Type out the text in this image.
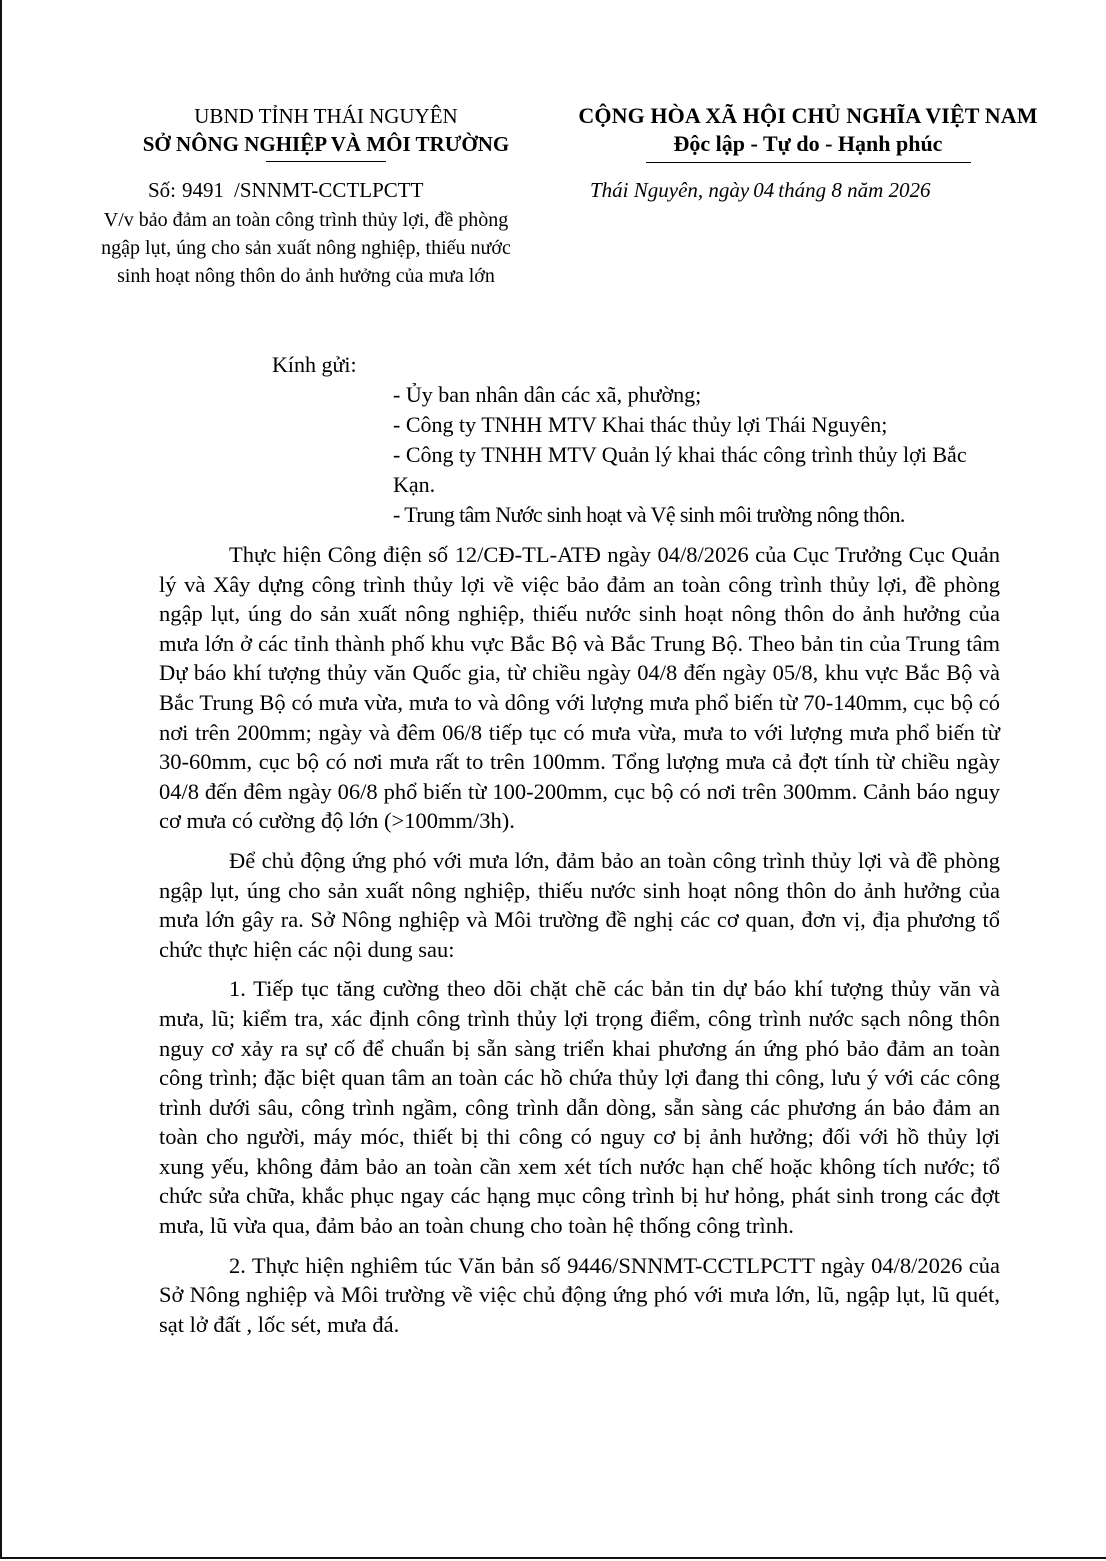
UBND TỈNH THÁI NGUYÊN
SỞ NÔNG NGHIỆP VÀ MÔI TRƯỜNG
CỘNG HÒA XÃ HỘI CHỦ NGHĨA VIỆT NAM
Độc lập - Tự do - Hạnh phúc
Số: 9491 /SNNMT-CCTLPCTT
V/v bảo đảm an toàn công trình thủy lợi, đề phòng ngập lụt, úng cho sản xuất nông nghiệp, thiếu nước sinh hoạt nông thôn do ảnh hưởng của mưa lớn
Thái Nguyên, ngày 04 tháng 8 năm 2026
Kính gửi:
- Ủy ban nhân dân các xã, phường;
- Công ty TNHH MTV Khai thác thủy lợi Thái Nguyên;
- Công ty TNHH MTV Quản lý khai thác công trình thủy lợi Bắc Kạn.
- Trung tâm Nước sinh hoạt và Vệ sinh môi trường nông thôn.

Thực hiện Công điện số 12/CĐ-TL-ATĐ ngày 04/8/2026 của Cục Trưởng Cục Quản lý và Xây dựng công trình thủy lợi về việc bảo đảm an toàn công trình thủy lợi, đề phòng ngập lụt, úng do sản xuất nông nghiệp, thiếu nước sinh hoạt nông thôn do ảnh hưởng của mưa lớn ở các tỉnh thành phố khu vực Bắc Bộ và Bắc Trung Bộ. Theo bản tin của Trung tâm Dự báo khí tượng thủy văn Quốc gia, từ chiều ngày 04/8 đến ngày 05/8, khu vực Bắc Bộ và Bắc Trung Bộ có mưa vừa, mưa to và dông với lượng mưa phổ biến từ 70-140mm, cục bộ có nơi trên 200mm; ngày và đêm 06/8 tiếp tục có mưa vừa, mưa to với lượng mưa phổ biến từ 30-60mm, cục bộ có nơi mưa rất to trên 100mm. Tổng lượng mưa cả đợt tính từ chiều ngày 04/8 đến đêm ngày 06/8 phổ biến từ 100-200mm, cục bộ có nơi trên 300mm. Cảnh báo nguy cơ mưa có cường độ lớn (>100mm/3h).

Để chủ động ứng phó với mưa lớn, đảm bảo an toàn công trình thủy lợi và đề phòng ngập lụt, úng cho sản xuất nông nghiệp, thiếu nước sinh hoạt nông thôn do ảnh hưởng của mưa lớn gây ra. Sở Nông nghiệp và Môi trường đề nghị các cơ quan, đơn vị, địa phương tổ chức thực hiện các nội dung sau:

1. Tiếp tục tăng cường theo dõi chặt chẽ các bản tin dự báo khí tượng thủy văn và mưa, lũ; kiểm tra, xác định công trình thủy lợi trọng điểm, công trình nước sạch nông thôn nguy cơ xảy ra sự cố để chuẩn bị sẵn sàng triển khai phương án ứng phó bảo đảm an toàn công trình; đặc biệt quan tâm an toàn các hồ chứa thủy lợi đang thi công, lưu ý với các công trình dưới sâu, công trình ngầm, công trình dẫn dòng, sẵn sàng các phương án bảo đảm an toàn cho người, máy móc, thiết bị thi công có nguy cơ bị ảnh hưởng; đối với hồ thủy lợi xung yếu, không đảm bảo an toàn cần xem xét tích nước hạn chế hoặc không tích nước; tổ chức sửa chữa, khắc phục ngay các hạng mục công trình bị hư hỏng, phát sinh trong các đợt mưa, lũ vừa qua, đảm bảo an toàn chung cho toàn hệ thống công trình.

2. Thực hiện nghiêm túc Văn bản số 9446/SNNMT-CCTLPCTT ngày 04/8/2026 của Sở Nông nghiệp và Môi trường về việc chủ động ứng phó với mưa lớn, lũ, ngập lụt, lũ quét, sạt lở đất , lốc sét, mưa đá.
